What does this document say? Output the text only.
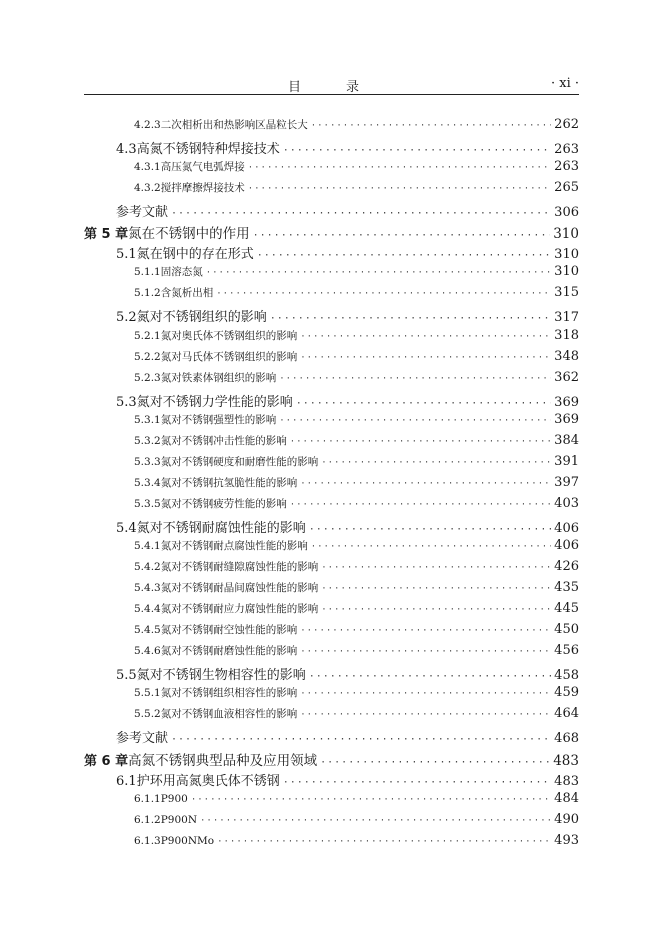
目　录	· xi ·
4.2.3 二次相析出和热影响区晶粒长大 ·····	262
4.3 高氮不锈钢特种焊接技术 ·····	263
4.3.1 高压氮气电弧焊接 ·····	263
4.3.2 搅拌摩擦焊接技术 ·····	265
参考文献 ·····	306
第 5 章 氮在不锈钢中的作用 ·····	310
5.1 氮在钢中的存在形式 ·····	310
5.1.1 固溶态氮 ·····	310
5.1.2 含氮析出相 ·····	315
5.2 氮对不锈钢组织的影响 ·····	317
5.2.1 氮对奥氏体不锈钢组织的影响 ·····	318
5.2.2 氮对马氏体不锈钢组织的影响 ·····	348
5.2.3 氮对铁素体钢组织的影响 ·····	362
5.3 氮对不锈钢力学性能的影响 ·····	369
5.3.1 氮对不锈钢强塑性的影响 ·····	369
5.3.2 氮对不锈钢冲击性能的影响 ·····	384
5.3.3 氮对不锈钢硬度和耐磨性能的影响 ·····	391
5.3.4 氮对不锈钢抗氢脆性能的影响 ·····	397
5.3.5 氮对不锈钢疲劳性能的影响 ·····	403
5.4 氮对不锈钢耐腐蚀性能的影响 ·····	406
5.4.1 氮对不锈钢耐点腐蚀性能的影响 ·····	406
5.4.2 氮对不锈钢耐缝隙腐蚀性能的影响 ·····	426
5.4.3 氮对不锈钢耐晶间腐蚀性能的影响 ·····	435
5.4.4 氮对不锈钢耐应力腐蚀性能的影响 ·····	445
5.4.5 氮对不锈钢耐空蚀性能的影响 ·····	450
5.4.6 氮对不锈钢耐磨蚀性能的影响 ·····	456
5.5 氮对不锈钢生物相容性的影响 ·····	458
5.5.1 氮对不锈钢组织相容性的影响 ·····	459
5.5.2 氮对不锈钢血液相容性的影响 ·····	464
参考文献 ·····	468
第 6 章 高氮不锈钢典型品种及应用领域 ·····	483
6.1 护环用高氮奥氏体不锈钢 ·····	483
6.1.1 P900 ·····	484
6.1.2 P900N ·····	490
6.1.3 P900NMo ·····	493
